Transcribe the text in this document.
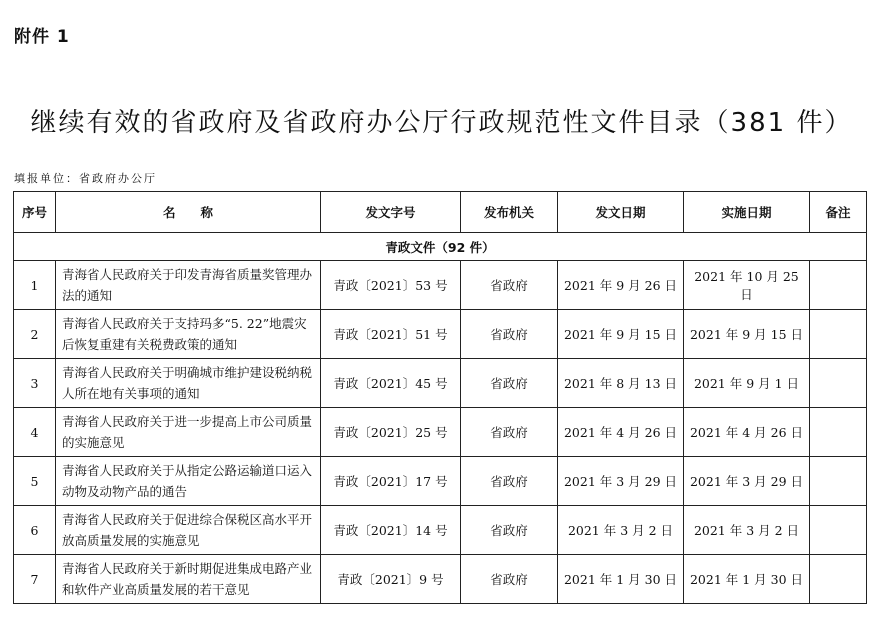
附件 1
继续有效的省政府及省政府办公厅行政规范性文件目录（381 件）
填报单位：省政府办公厅
序号	名　　称	发文字号	发布机关	发文日期	实施日期	备注
青政文件（92 件）						
1	青海省人民政府关于印发青海省质量奖管理办法的通知	青政〔2021〕53 号	省政府	2021 年 9 月 26 日	2021 年 10 月 25 日	
2	青海省人民政府关于支持玛多“5. 22”地震灾后恢复重建有关税费政策的通知	青政〔2021〕51 号	省政府	2021 年 9 月 15 日	2021 年 9 月 15 日	
3	青海省人民政府关于明确城市维护建设税纳税人所在地有关事项的通知	青政〔2021〕45 号	省政府	2021 年 8 月 13 日	2021 年 9 月 1 日	
4	青海省人民政府关于进一步提高上市公司质量的实施意见	青政〔2021〕25 号	省政府	2021 年 4 月 26 日	2021 年 4 月 26 日	
5	青海省人民政府关于从指定公路运输道口运入动物及动物产品的通告	青政〔2021〕17 号	省政府	2021 年 3 月 29 日	2021 年 3 月 29 日	
6	青海省人民政府关于促进综合保税区高水平开放高质量发展的实施意见	青政〔2021〕14 号	省政府	2021 年 3 月 2 日	2021 年 3 月 2 日	
7	青海省人民政府关于新时期促进集成电路产业和软件产业高质量发展的若干意见	青政〔2021〕9 号	省政府	2021 年 1 月 30 日	2021 年 1 月 30 日	
